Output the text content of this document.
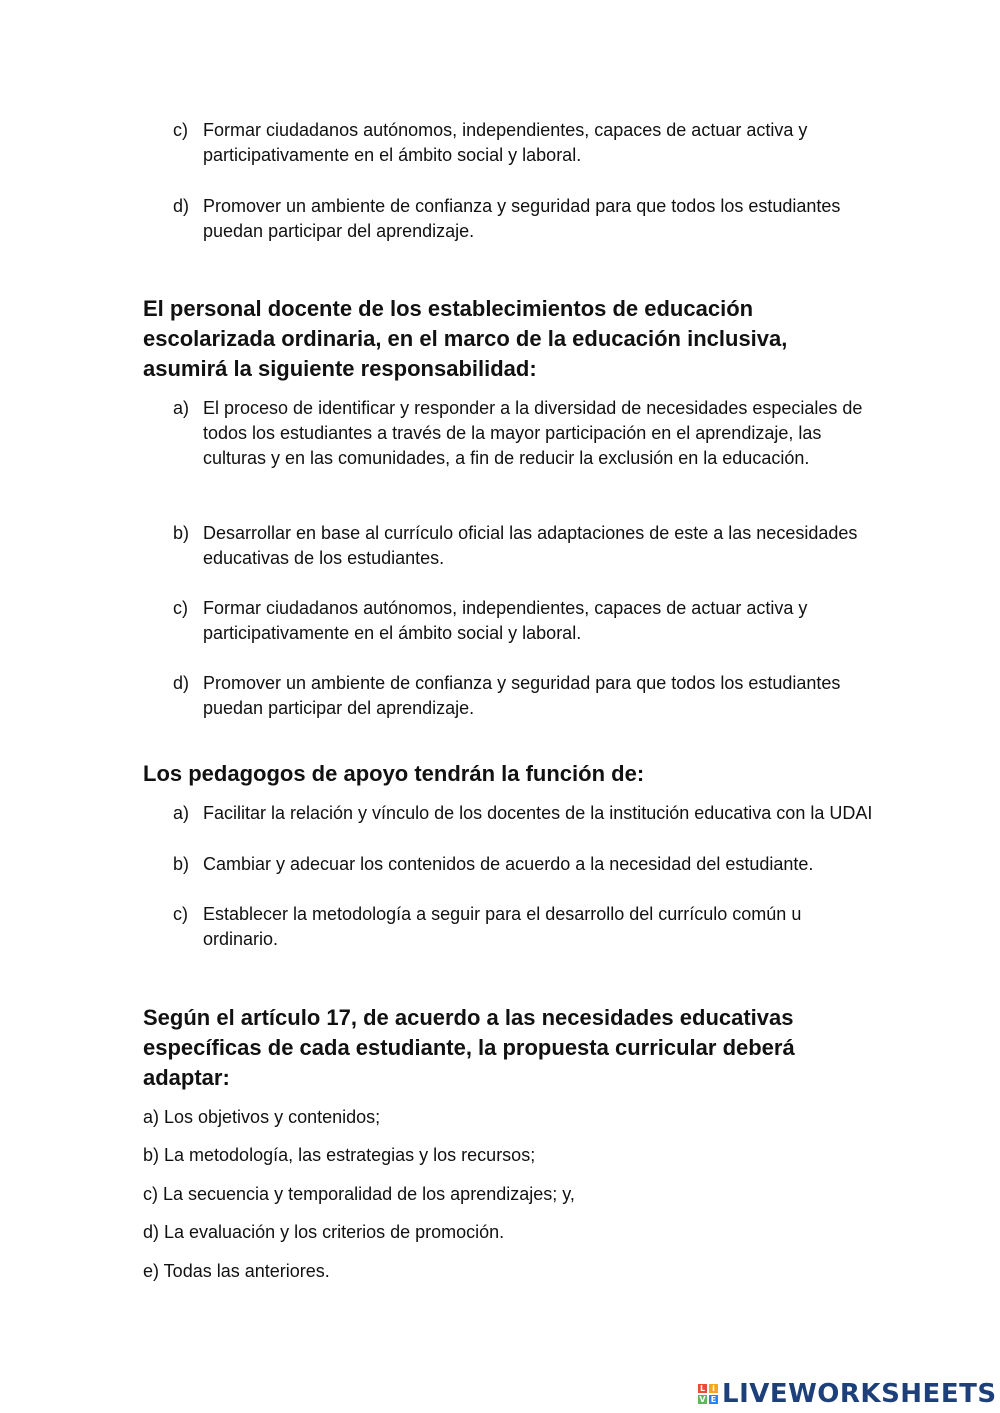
c) Formar ciudadanos autónomos, independientes, capaces de actuar activa y participativamente en el ámbito social y laboral.
d) Promover un ambiente de confianza y seguridad para que todos los estudiantes puedan participar del aprendizaje.
El personal docente de los establecimientos de educación escolarizada ordinaria, en el marco de la educación inclusiva, asumirá la siguiente responsabilidad:
a) El proceso de identificar y responder a la diversidad de necesidades especiales de todos los estudiantes a través de la mayor participación en el aprendizaje, las culturas y en las comunidades, a fin de reducir la exclusión en la educación.
b) Desarrollar en base al currículo oficial las adaptaciones de este a las necesidades educativas de los estudiantes.
c) Formar ciudadanos autónomos, independientes, capaces de actuar activa y participativamente en el ámbito social y laboral.
d) Promover un ambiente de confianza y seguridad para que todos los estudiantes puedan participar del aprendizaje.
Los pedagogos de apoyo tendrán la función de:
a) Facilitar la relación y vínculo de los docentes de la institución educativa con la UDAI
b) Cambiar y adecuar los contenidos de acuerdo a la necesidad del estudiante.
c) Establecer la metodología a seguir para el desarrollo del currículo común u ordinario.
Según el artículo 17, de acuerdo a las necesidades educativas específicas de cada estudiante, la propuesta curricular deberá adaptar:
a) Los objetivos y contenidos;
b) La metodología, las estrategias y los recursos;
c) La secuencia y temporalidad de los aprendizajes; y,
d) La evaluación y los criterios de promoción.
e) Todas las anteriores.
L i
V E LIVEWORKSHEETS
